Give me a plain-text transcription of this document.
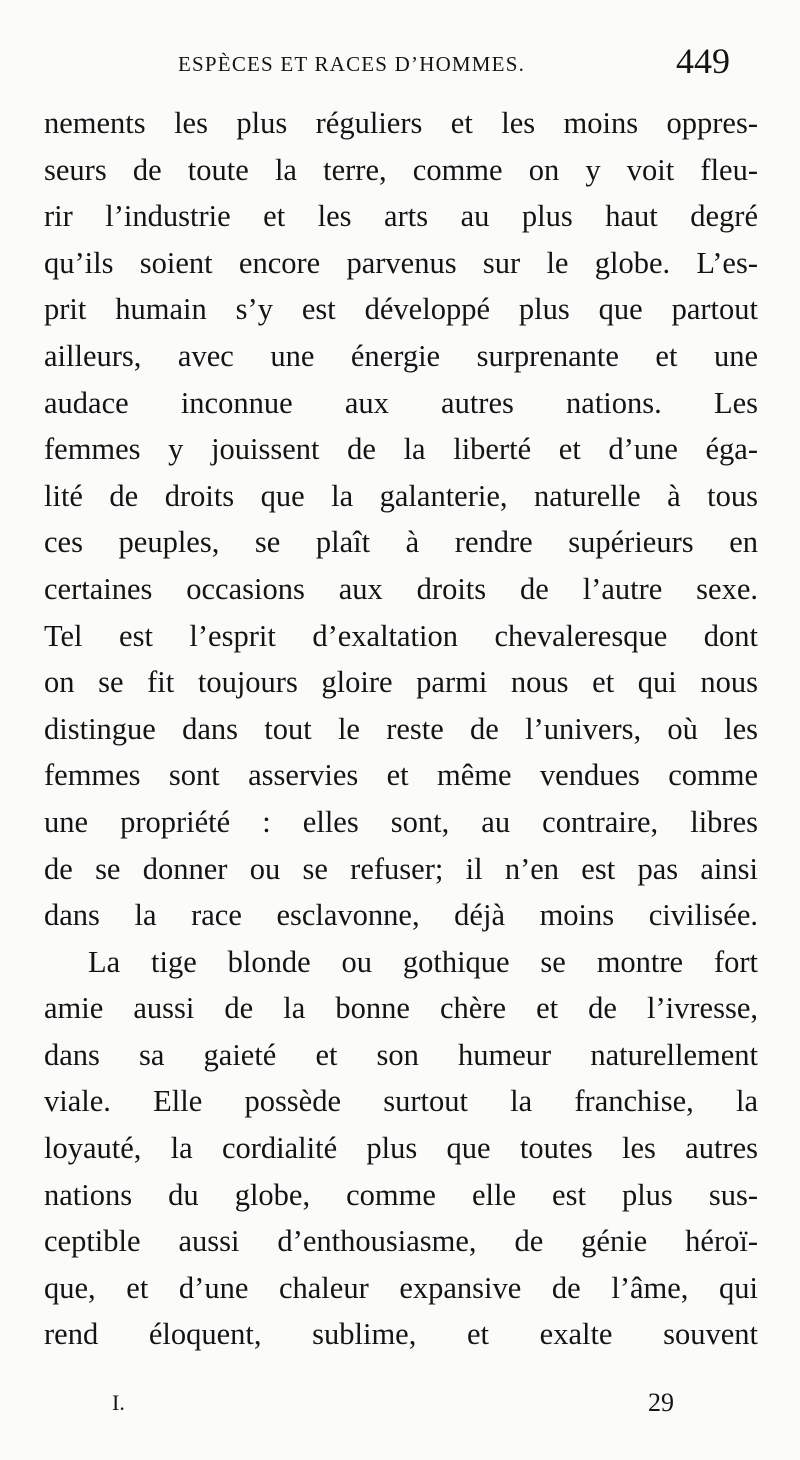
ESPÈCES ET RACES D’HOMMES.	449
nements les plus réguliers et les moins oppres-
seurs de toute la terre, comme on y voit fleu-
rir l’industrie et les arts au plus haut degré
qu’ils soient encore parvenus sur le globe. L’es-
prit humain s’y est développé plus que partout
ailleurs, avec une énergie surprenante et une
audace inconnue aux autres nations. Les
femmes y jouissent de la liberté et d’une éga-
lité de droits que la galanterie, naturelle à tous
ces peuples, se plaît à rendre supérieurs en
certaines occasions aux droits de l’autre sexe.
Tel est l’esprit d’exaltation chevaleresque dont
on se fit toujours gloire parmi nous et qui nous
distingue dans tout le reste de l’univers, où les
femmes sont asservies et même vendues comme
une propriété : elles sont, au contraire, libres
de se donner ou se refuser; il n’en est pas ainsi
dans la race esclavonne, déjà moins civilisée.
La tige blonde ou gothique se montre fort
amie aussi de la bonne chère et de l’ivresse,
dans sa gaieté et son humeur naturellement
viale. Elle possède surtout la franchise, la
loyauté, la cordialité plus que toutes les autres
nations du globe, comme elle est plus sus-
ceptible aussi d’enthousiasme, de génie héroï-
que, et d’une chaleur expansive de l’âme, qui
rend éloquent, sublime, et exalte souvent
I.	29
